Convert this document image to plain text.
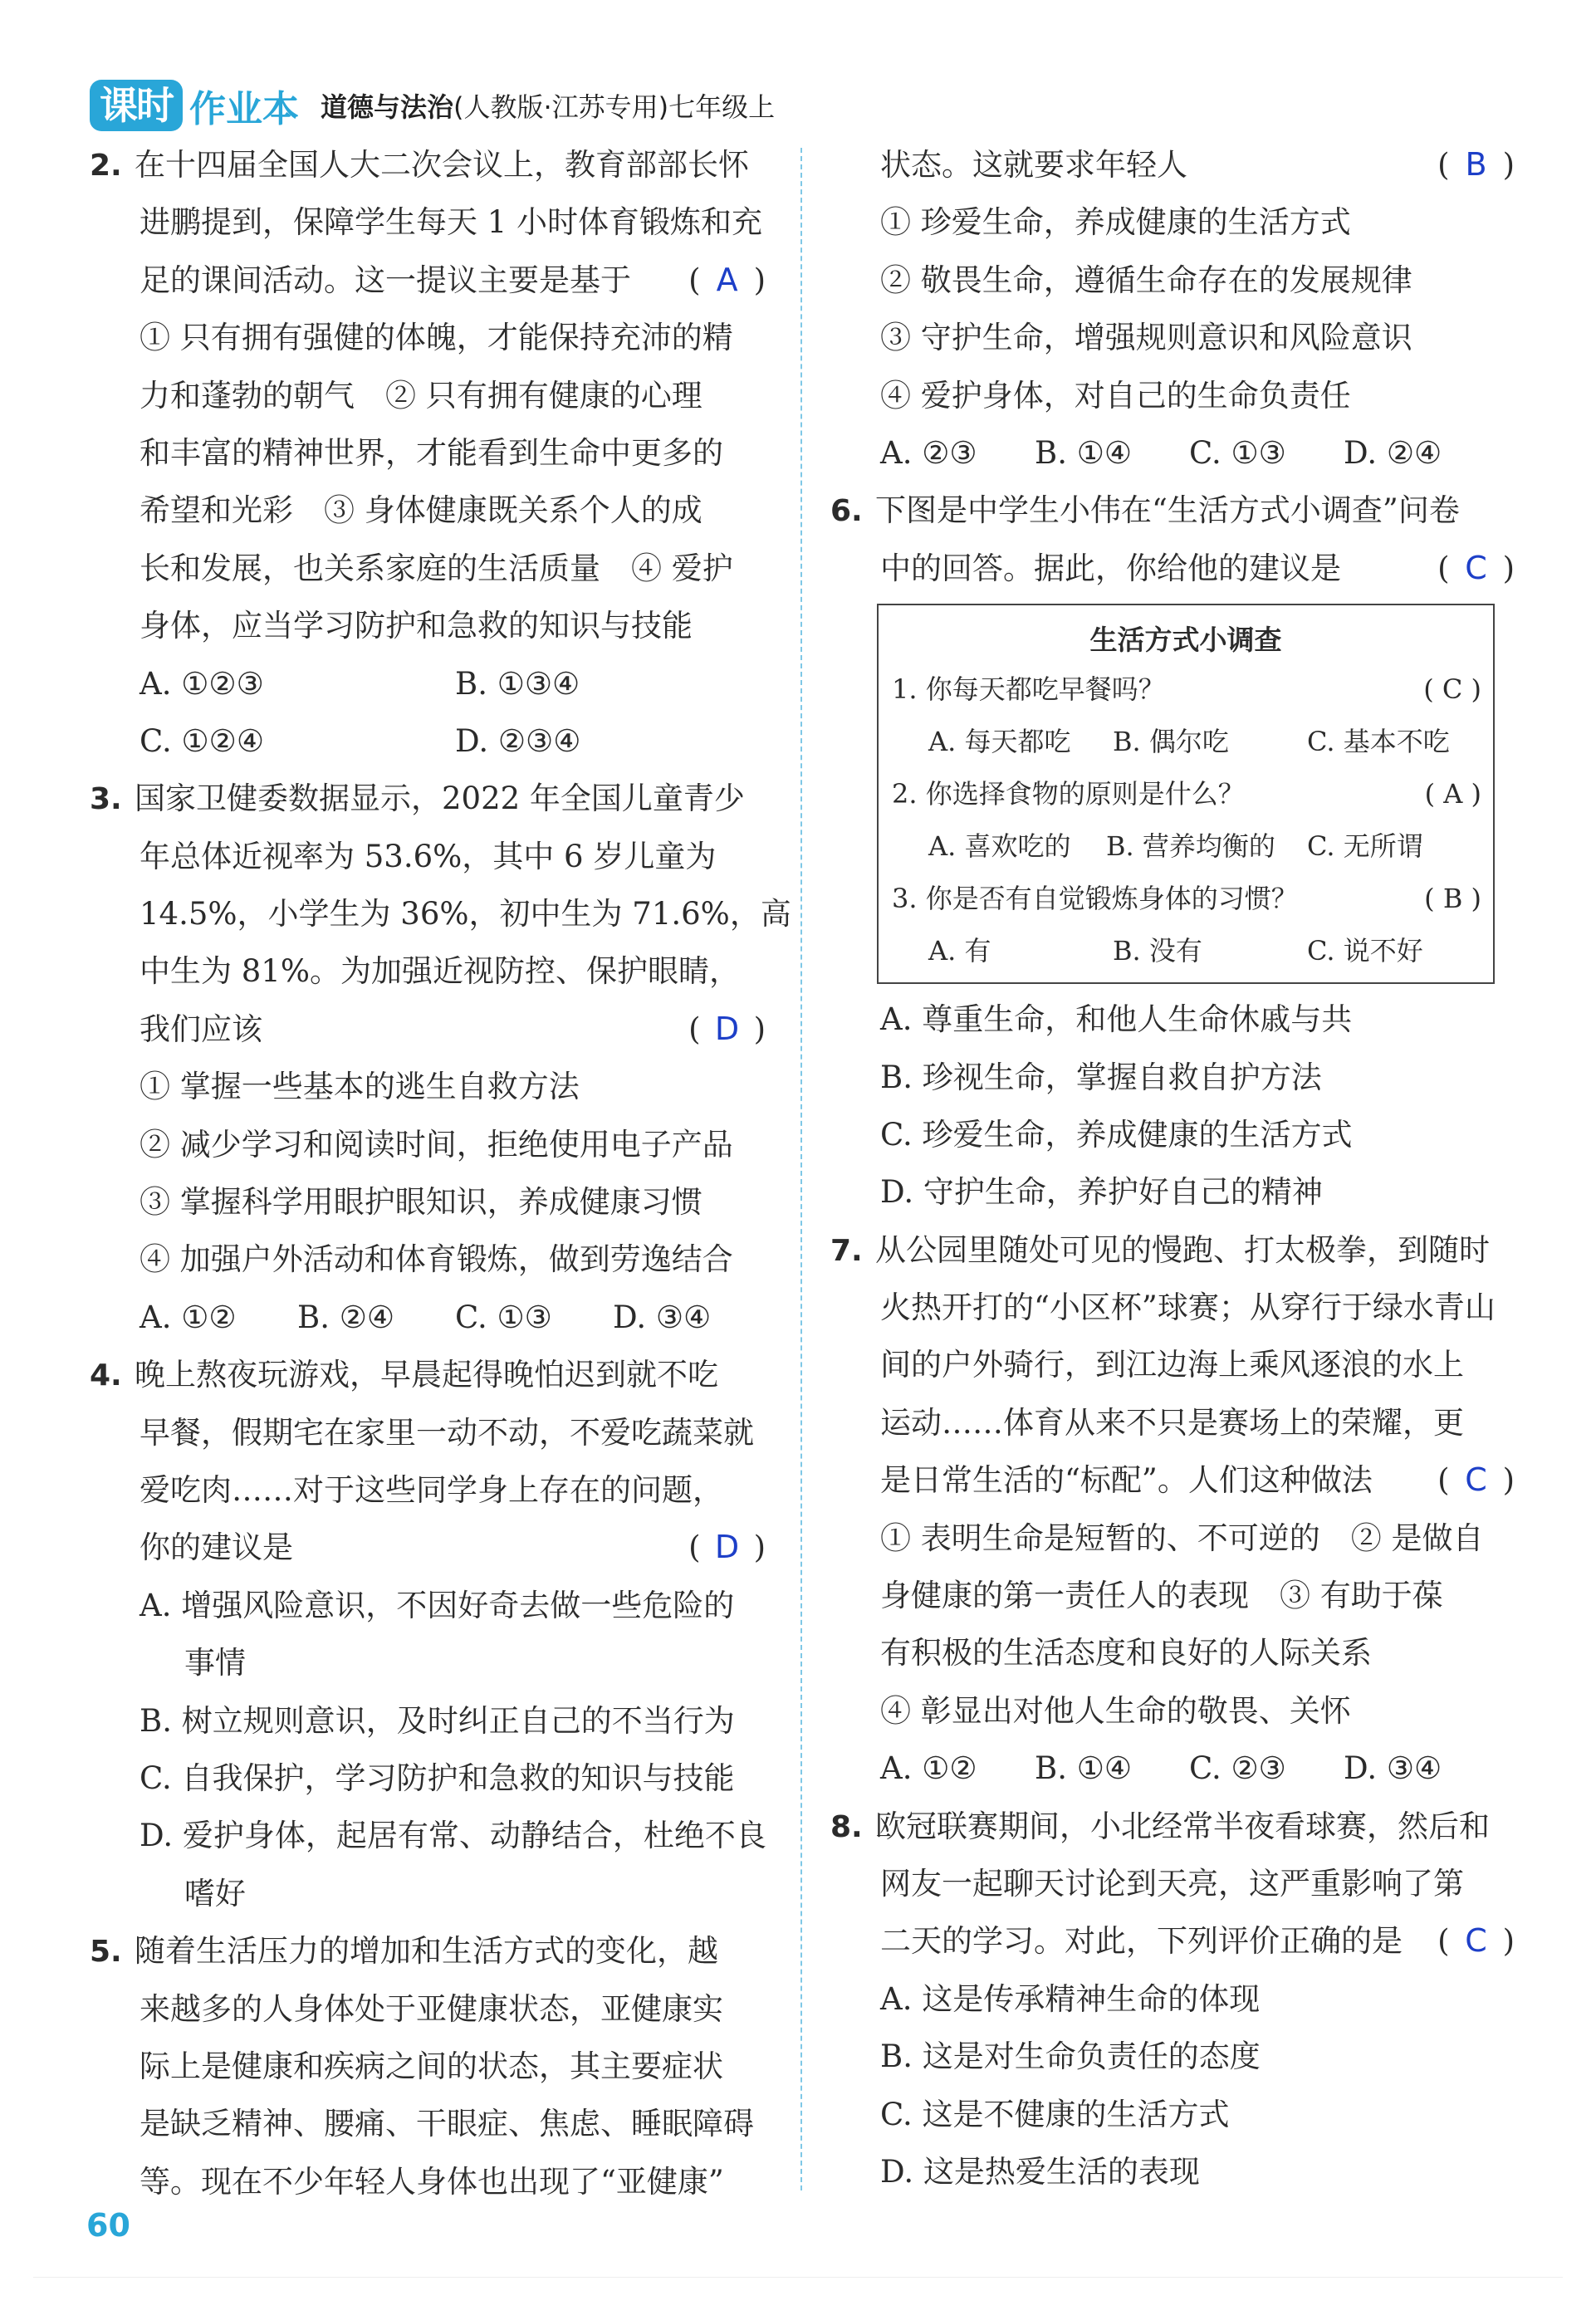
课时 作业本 道德与法治 (人教版·江苏专用)七年级上
2. 在十四届全国人大二次会议上，教育部部长怀
进鹏提到，保障学生每天 1 小时体育锻炼和充
足的课间活动。这一提议主要是基于 ( A )
① 只有拥有强健的体魄，才能保持充沛的精
力和蓬勃的朝气　② 只有拥有健康的心理
和丰富的精神世界，才能看到生命中更多的
希望和光彩　③ 身体健康既关系个人的成
长和发展，也关系家庭的生活质量　④ 爱护
身体，应当学习防护和急救的知识与技能
A. ①②③	B. ①③④
C. ①②④	D. ②③④
3. 国家卫健委数据显示，2022 年全国儿童青少
年总体近视率为 53.6%，其中 6 岁儿童为
14.5%，小学生为 36%，初中生为 71.6%，高
中生为 81%。为加强近视防控、保护眼睛，
我们应该	( D )
① 掌握一些基本的逃生自救方法
② 减少学习和阅读时间，拒绝使用电子产品
③ 掌握科学用眼护眼知识，养成健康习惯
④ 加强户外活动和体育锻炼，做到劳逸结合
A. ①②	B. ②④	C. ①③	D. ③④
4. 晚上熬夜玩游戏，早晨起得晚怕迟到就不吃
早餐，假期宅在家里一动不动，不爱吃蔬菜就
爱吃肉……对于这些同学身上存在的问题，
你的建议是	( D )
A. 增强风险意识，不因好奇去做一些危险的
事情
B. 树立规则意识，及时纠正自己的不当行为
C. 自我保护，学习防护和急救的知识与技能
D. 爱护身体，起居有常、动静结合，杜绝不良
嗜好
5. 随着生活压力的增加和生活方式的变化，越
来越多的人身体处于亚健康状态，亚健康实
际上是健康和疾病之间的状态，其主要症状
是缺乏精神、腰痛、干眼症、焦虑、睡眠障碍
等。现在不少年轻人身体也出现了“亚健康”
状态。这就要求年轻人	( B )
① 珍爱生命，养成健康的生活方式
② 敬畏生命，遵循生命存在的发展规律
③ 守护生命，增强规则意识和风险意识
④ 爱护身体，对自己的生命负责任
A. ②③	B. ①④	C. ①③	D. ②④
6. 下图是中学生小伟在“生活方式小调查”问卷
中的回答。据此，你给他的建议是	( C )
生活方式小调查
1. 你每天都吃早餐吗？	( C )
A. 每天都吃 B. 偶尔吃	C. 基本不吃
2. 你选择食物的原则是什么？	( A )
A. 喜欢吃的 B. 营养均衡的 C. 无所谓
3. 你是否有自觉锻炼身体的习惯？	( B )
A. 有	B. 没有	C. 说不好
A. 尊重生命，和他人生命休戚与共
B. 珍视生命，掌握自救自护方法
C. 珍爱生命，养成健康的生活方式
D. 守护生命，养护好自己的精神
7. 从公园里随处可见的慢跑、打太极拳，到随时
火热开打的“小区杯”球赛；从穿行于绿水青山
间的户外骑行，到江边海上乘风逐浪的水上
运动……体育从来不只是赛场上的荣耀，更
是日常生活的“标配”。人们这种做法 ( C )
① 表明生命是短暂的、不可逆的　② 是做自
身健康的第一责任人的表现　③ 有助于葆
有积极的生活态度和良好的人际关系
④ 彰显出对他人生命的敬畏、关怀
A. ①②	B. ①④	C. ②③	D. ③④
8. 欧冠联赛期间，小北经常半夜看球赛，然后和
网友一起聊天讨论到天亮，这严重影响了第
二天的学习。对此，下列评价正确的是 ( C )
A. 这是传承精神生命的体现
B. 这是对生命负责任的态度
C. 这是不健康的生活方式
D. 这是热爱生活的表现
60
